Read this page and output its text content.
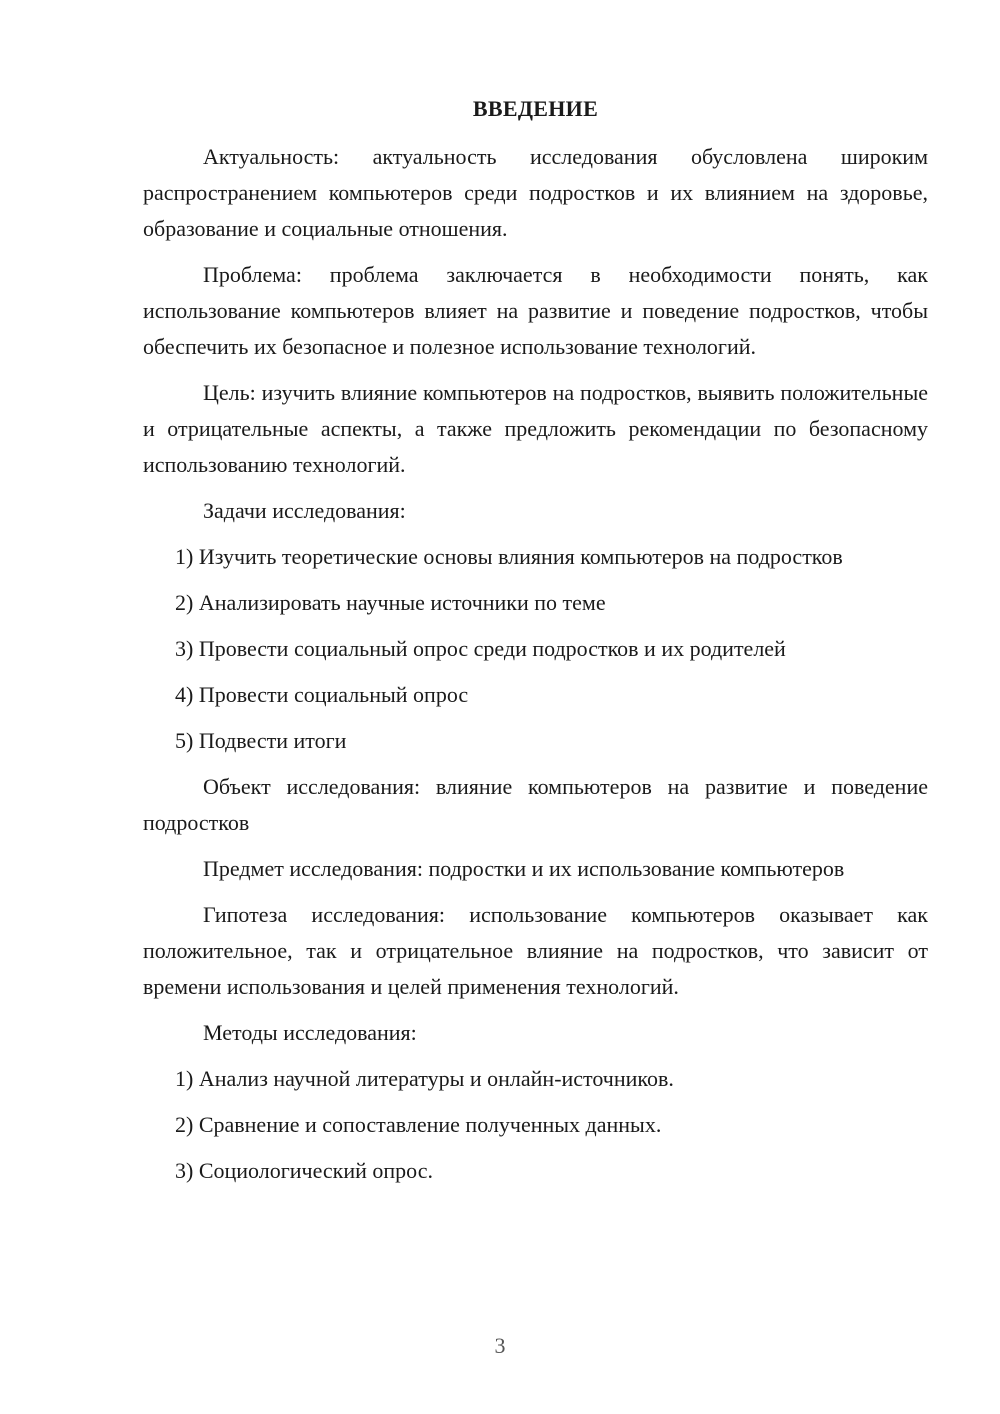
ВВЕДЕНИЕ

Актуальность: актуальность исследования обусловлена широким распространением компьютеров среди подростков и их влиянием на здоровье, образование и социальные отношения.

Проблема: проблема заключается в необходимости понять, как использование компьютеров влияет на развитие и поведение подростков, чтобы обеспечить их безопасное и полезное использование технологий.

Цель: изучить влияние компьютеров на подростков, выявить положительные и отрицательные аспекты, а также предложить рекомендации по безопасному использованию технологий.

Задачи исследования:

1) Изучить теоретические основы влияния компьютеров на подростков

2) Анализировать научные источники по теме

3) Провести социальный опрос среди подростков и их родителей

4) Провести социальный опрос

5) Подвести итоги

Объект исследования: влияние компьютеров на развитие и поведение подростков

Предмет исследования: подростки и их использование компьютеров

Гипотеза исследования: использование компьютеров оказывает как положительное, так и отрицательное влияние на подростков, что зависит от времени использования и целей применения технологий.

Методы исследования:

1) Анализ научной литературы и онлайн-источников.

2) Сравнение и сопоставление полученных данных.

3) Социологический опрос.

3
